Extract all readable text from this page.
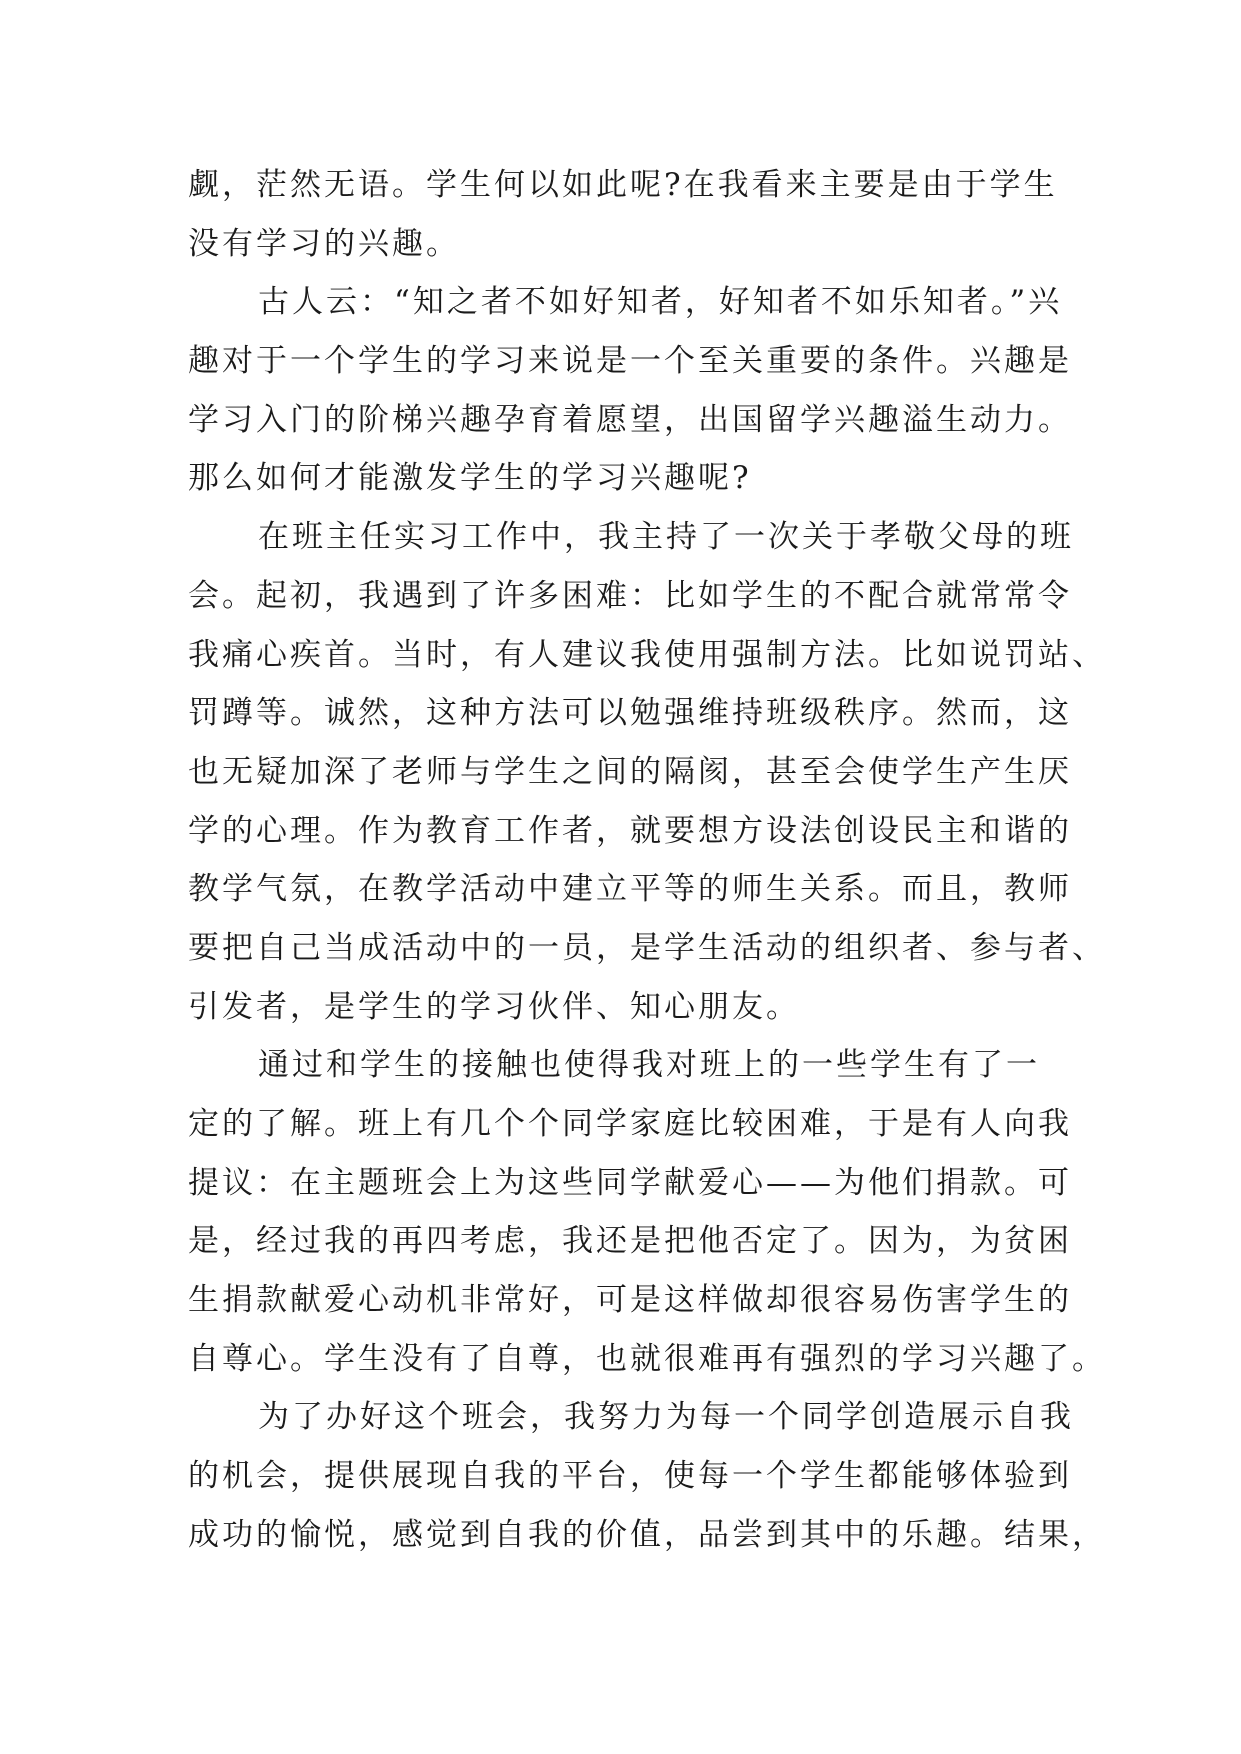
觑，茫然无语。学生何以如此呢?在我看来主要是由于学生
没有学习的兴趣。
古人云：“知之者不如好知者，好知者不如乐知者。”兴
趣对于一个学生的学习来说是一个至关重要的条件。兴趣是
学习入门的阶梯兴趣孕育着愿望，出国留学兴趣溢生动力。
那么如何才能激发学生的学习兴趣呢?
在班主任实习工作中，我主持了一次关于孝敬父母的班
会。起初，我遇到了许多困难：比如学生的不配合就常常令
我痛心疾首。当时，有人建议我使用强制方法。比如说罚站、
罚蹲等。诚然，这种方法可以勉强维持班级秩序。然而，这
也无疑加深了老师与学生之间的隔阂，甚至会使学生产生厌
学的心理。作为教育工作者，就要想方设法创设民主和谐的
教学气氛，在教学活动中建立平等的师生关系。而且，教师
要把自己当成活动中的一员，是学生活动的组织者、参与者、
引发者，是学生的学习伙伴、知心朋友。
通过和学生的接触也使得我对班上的一些学生有了一
定的了解。班上有几个个同学家庭比较困难，于是有人向我
提议：在主题班会上为这些同学献爱心——为他们捐款。可
是，经过我的再四考虑，我还是把他否定了。因为，为贫困
生捐款献爱心动机非常好，可是这样做却很容易伤害学生的
自尊心。学生没有了自尊，也就很难再有强烈的学习兴趣了。
为了办好这个班会，我努力为每一个同学创造展示自我
的机会，提供展现自我的平台，使每一个学生都能够体验到
成功的愉悦，感觉到自我的价值，品尝到其中的乐趣。结果，
